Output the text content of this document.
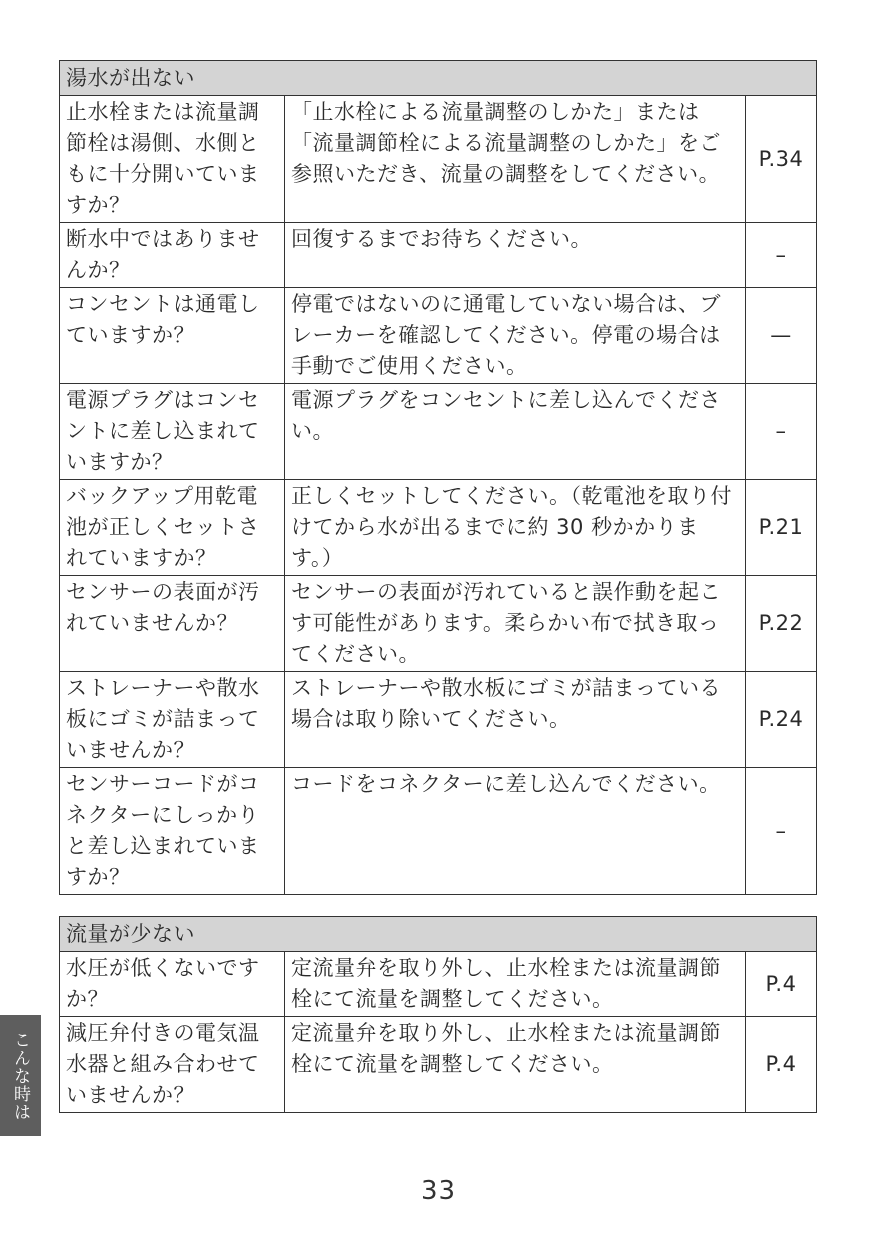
湯水が出ない		
止水栓または流量調節栓は湯側、水側ともに十分開いていますか？	「止水栓による流量調整のしかた」または「流量調節栓による流量調整のしかた」をご参照いただき、流量の調整をしてください。	P.34
断水中ではありませんか？	回復するまでお待ちください。	–
コンセントは通電していますか？	停電ではないのに通電していない場合は、ブレーカーを確認してください。停電の場合は手動でご使用ください。	—
電源プラグはコンセントに差し込まれていますか？	電源プラグをコンセントに差し込んでください。	–
バックアップ用乾電池が正しくセットされていますか？	正しくセットしてください。（乾電池を取り付けてから水が出るまでに約 30 秒かかります。）	P.21
センサーの表面が汚れていませんか？	センサーの表面が汚れていると誤作動を起こす可能性があります。柔らかい布で拭き取ってください。	P.22
ストレーナーや散水板にゴミが詰まっていませんか？	ストレーナーや散水板にゴミが詰まっている場合は取り除いてください。	P.24
センサーコードがコネクターにしっかりと差し込まれていますか？	コードをコネクターに差し込んでください。	–
流量が少ない		
水圧が低くないですか？	定流量弁を取り外し、止水栓または流量調節栓にて流量を調整してください。	P.4
減圧弁付きの電気温水器と組み合わせていませんか？	定流量弁を取り外し、止水栓または流量調節栓にて流量を調整してください。	P.4
こんな時は
33
